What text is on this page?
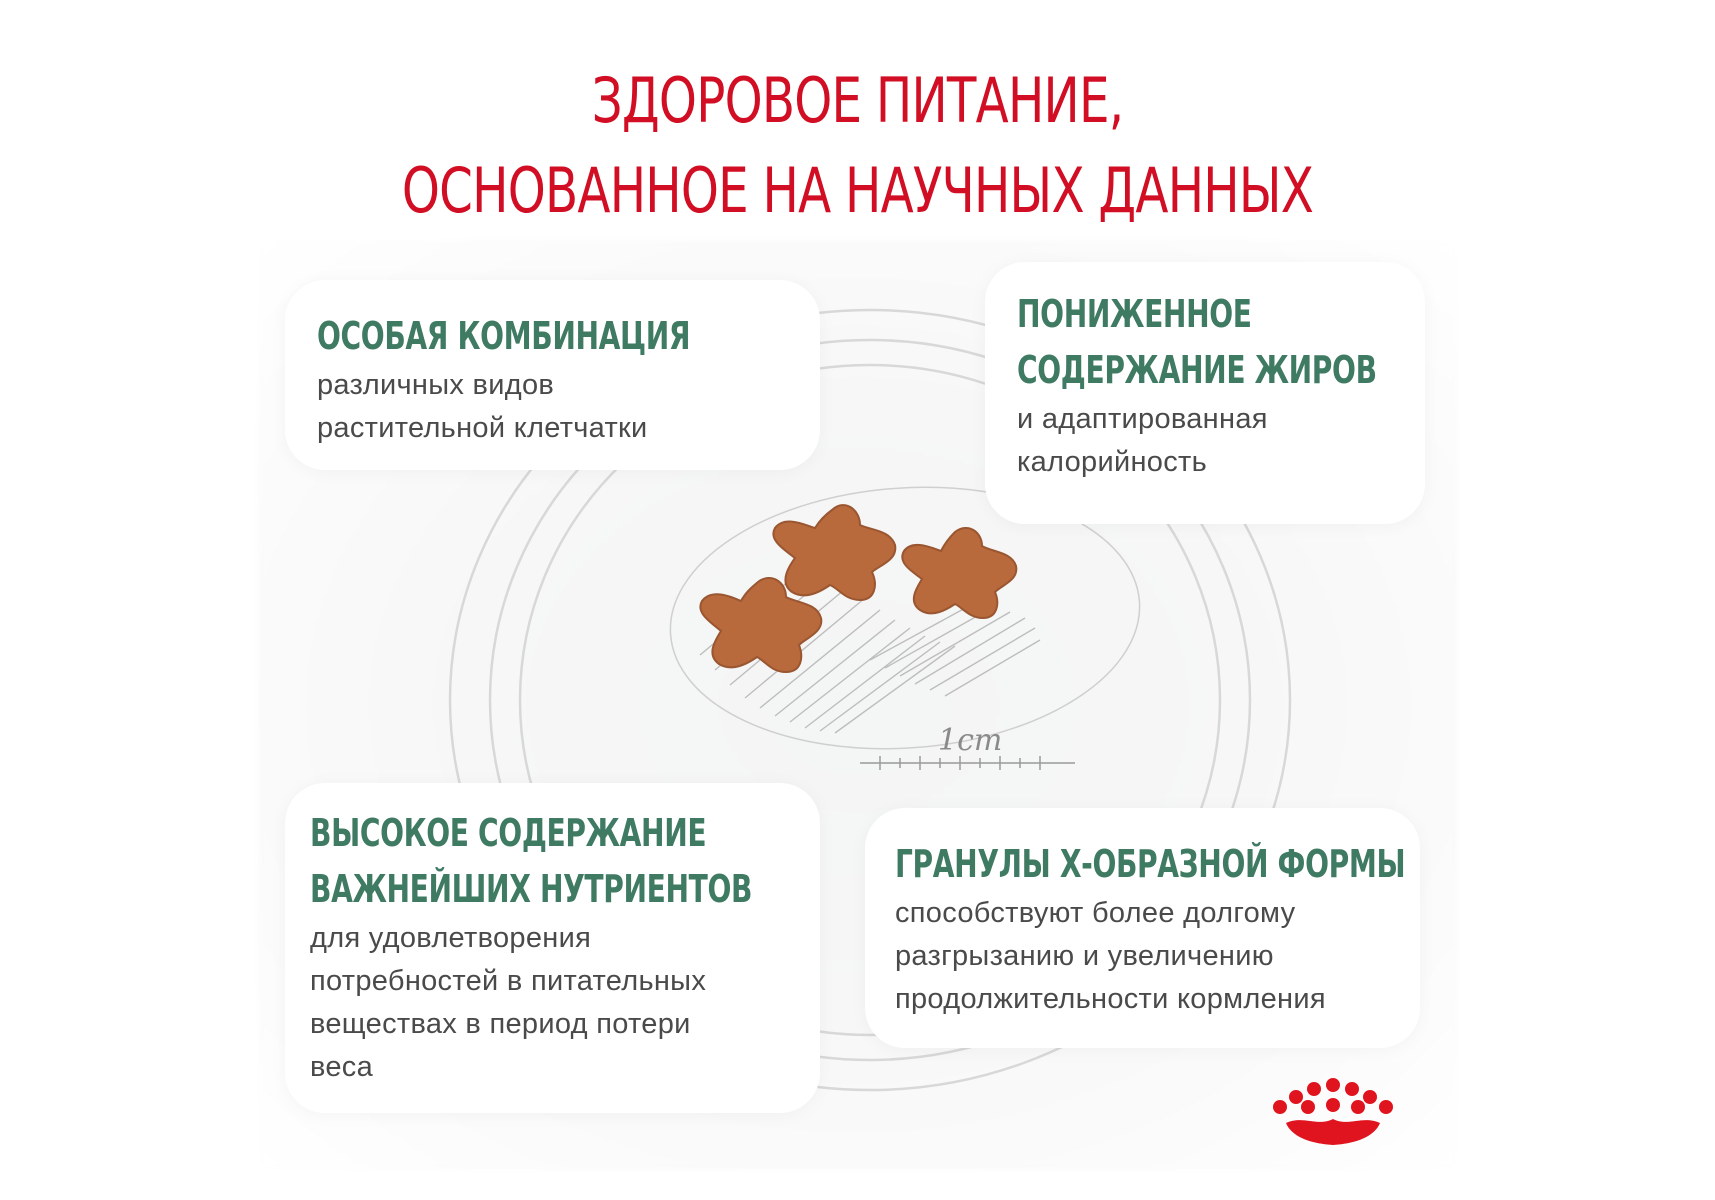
ЗДОРОВОЕ ПИТАНИЕ,
ОСНОВАННОЕ НА НАУЧНЫХ ДАННЫХ
1cm
ОСОБАЯ КОМБИНАЦИЯ
различных видов
растительной клетчатки
ПОНИЖЕННОЕ
СОДЕРЖАНИЕ ЖИРОВ
и адаптированная
калорийность
ВЫСОКОЕ СОДЕРЖАНИЕ
ВАЖНЕЙШИХ НУТРИЕНТОВ
для удовлетворения
потребностей в питательных
веществах в период потери
веса
ГРАНУЛЫ Х-ОБРАЗНОЙ ФОРМЫ
способствуют более долгому
разгрызанию и увеличению
продолжительности кормления
